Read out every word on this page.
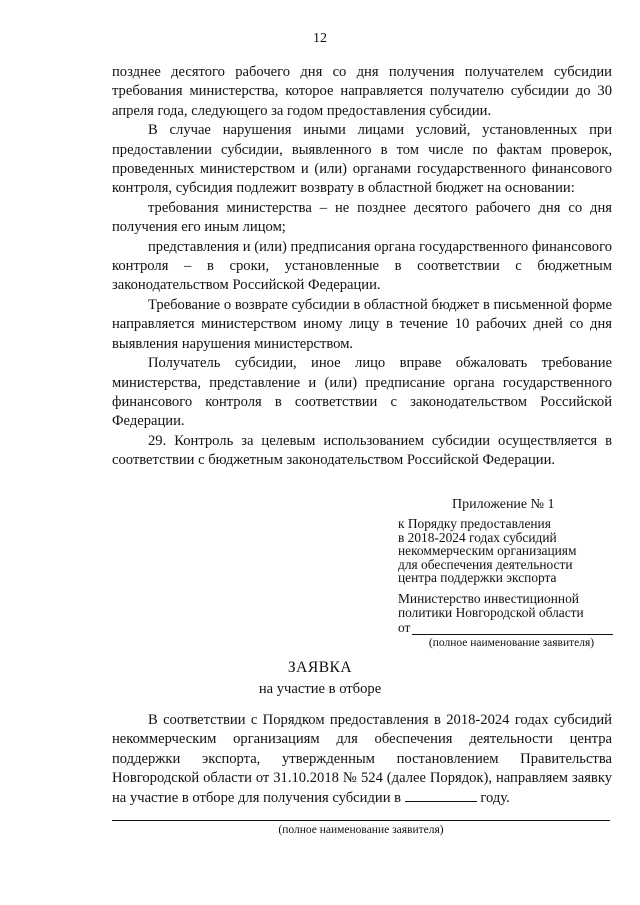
12

позднее десятого рабочего дня со дня получения получателем субсидии требования министерства, которое направляется получателю субсидии до 30 апреля года, следующего за годом предоставления субсидии.

В случае нарушения иными лицами условий, установленных при предоставлении субсидии, выявленного в том числе по фактам проверок, проведенных министерством и (или) органами государственного финансового контроля, субсидия подлежит возврату в областной бюджет на основании:

требования министерства – не позднее десятого рабочего дня со дня получения его иным лицом;

представления и (или) предписания органа государственного финансового контроля – в сроки, установленные в соответствии с бюджетным законодательством Российской Федерации.

Требование о возврате субсидии в областной бюджет в письменной форме направляется министерством иному лицу в течение 10 рабочих дней со дня выявления нарушения министерством.

Получатель субсидии, иное лицо вправе обжаловать требование министерства, представление и (или) предписание органа государственного финансового контроля в соответствии с законодательством Российской Федерации.

29. Контроль за целевым использованием субсидии осуществляется в соответствии с бюджетным законодательством Российской Федерации.

Приложение № 1
к Порядку предоставления
в 2018-2024 годах субсидий
некоммерческим организациям
для обеспечения деятельности
центра поддержки экспорта
Министерство инвестиционной
политики Новгородской области
от
(полное наименование заявителя)
ЗАЯВКА
на участие в отборе

В соответствии с Порядком предоставления в 2018-2024 годах субсидий некоммерческим организациям для обеспечения деятельности центра поддержки экспорта, утвержденным постановлением Правительства Новгородской области от 31.10.2018 № 524 (далее Порядок), направляем заявку на участие в отборе для получения субсидии в	году.

(полное наименование заявителя)
